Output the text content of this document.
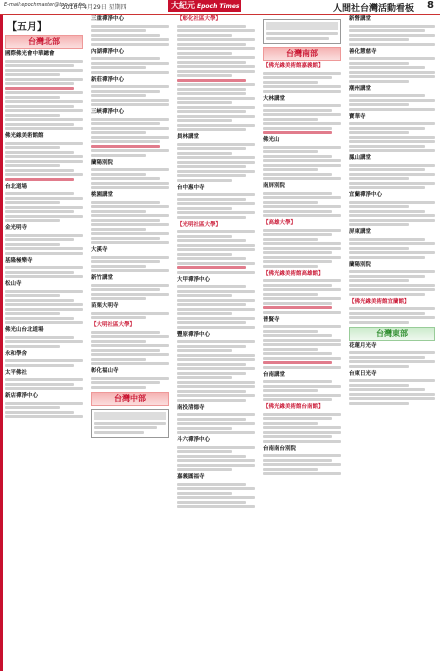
E-mail:epochmaster@tpp.org.tw
2010年4月29日 星期四	大紀元 Epoch Times	人間社台灣活動看板 8
【五月】
台灣北部
國際佛光會中華總會
佛光緣美術館館
台北道場
金光明寺
基隆極樂寺
松山寺
佛光山台北道場
永和學舍
太平佛社
新店禪淨中心
三重禪淨中心
內湖禪淨中心
新莊禪淨中心
三峽禪淨中心
蘭陽別院
桃園講堂
大溪寺
新竹講堂
苗栗大明寺
【大明社區大學】
彰化福山寺
台灣中部
【彰化社區大學】
員林講堂
台中惠中寺
【光明社區大學】
大甲禪淨中心
豐原禪淨中心
南投清德寺
斗六禪淨中心
嘉義圓福寺
台灣南部
【佛光緣美術館嘉義館】
大林講堂
佛光山
南屏別院
【高雄大學】
【佛光緣美術館高雄館】
普賢寺
台南講堂
【佛光緣美術館台南館】
台南南台別院
新營講堂
善化慧慈寺
潮州講堂
寶華寺
鳳山講堂
宜蘭禪淨中心
屏東講堂
蘭陽別院
【佛光緣美術館宜蘭館】
台灣東部
花蓮月光寺
台東日光寺
